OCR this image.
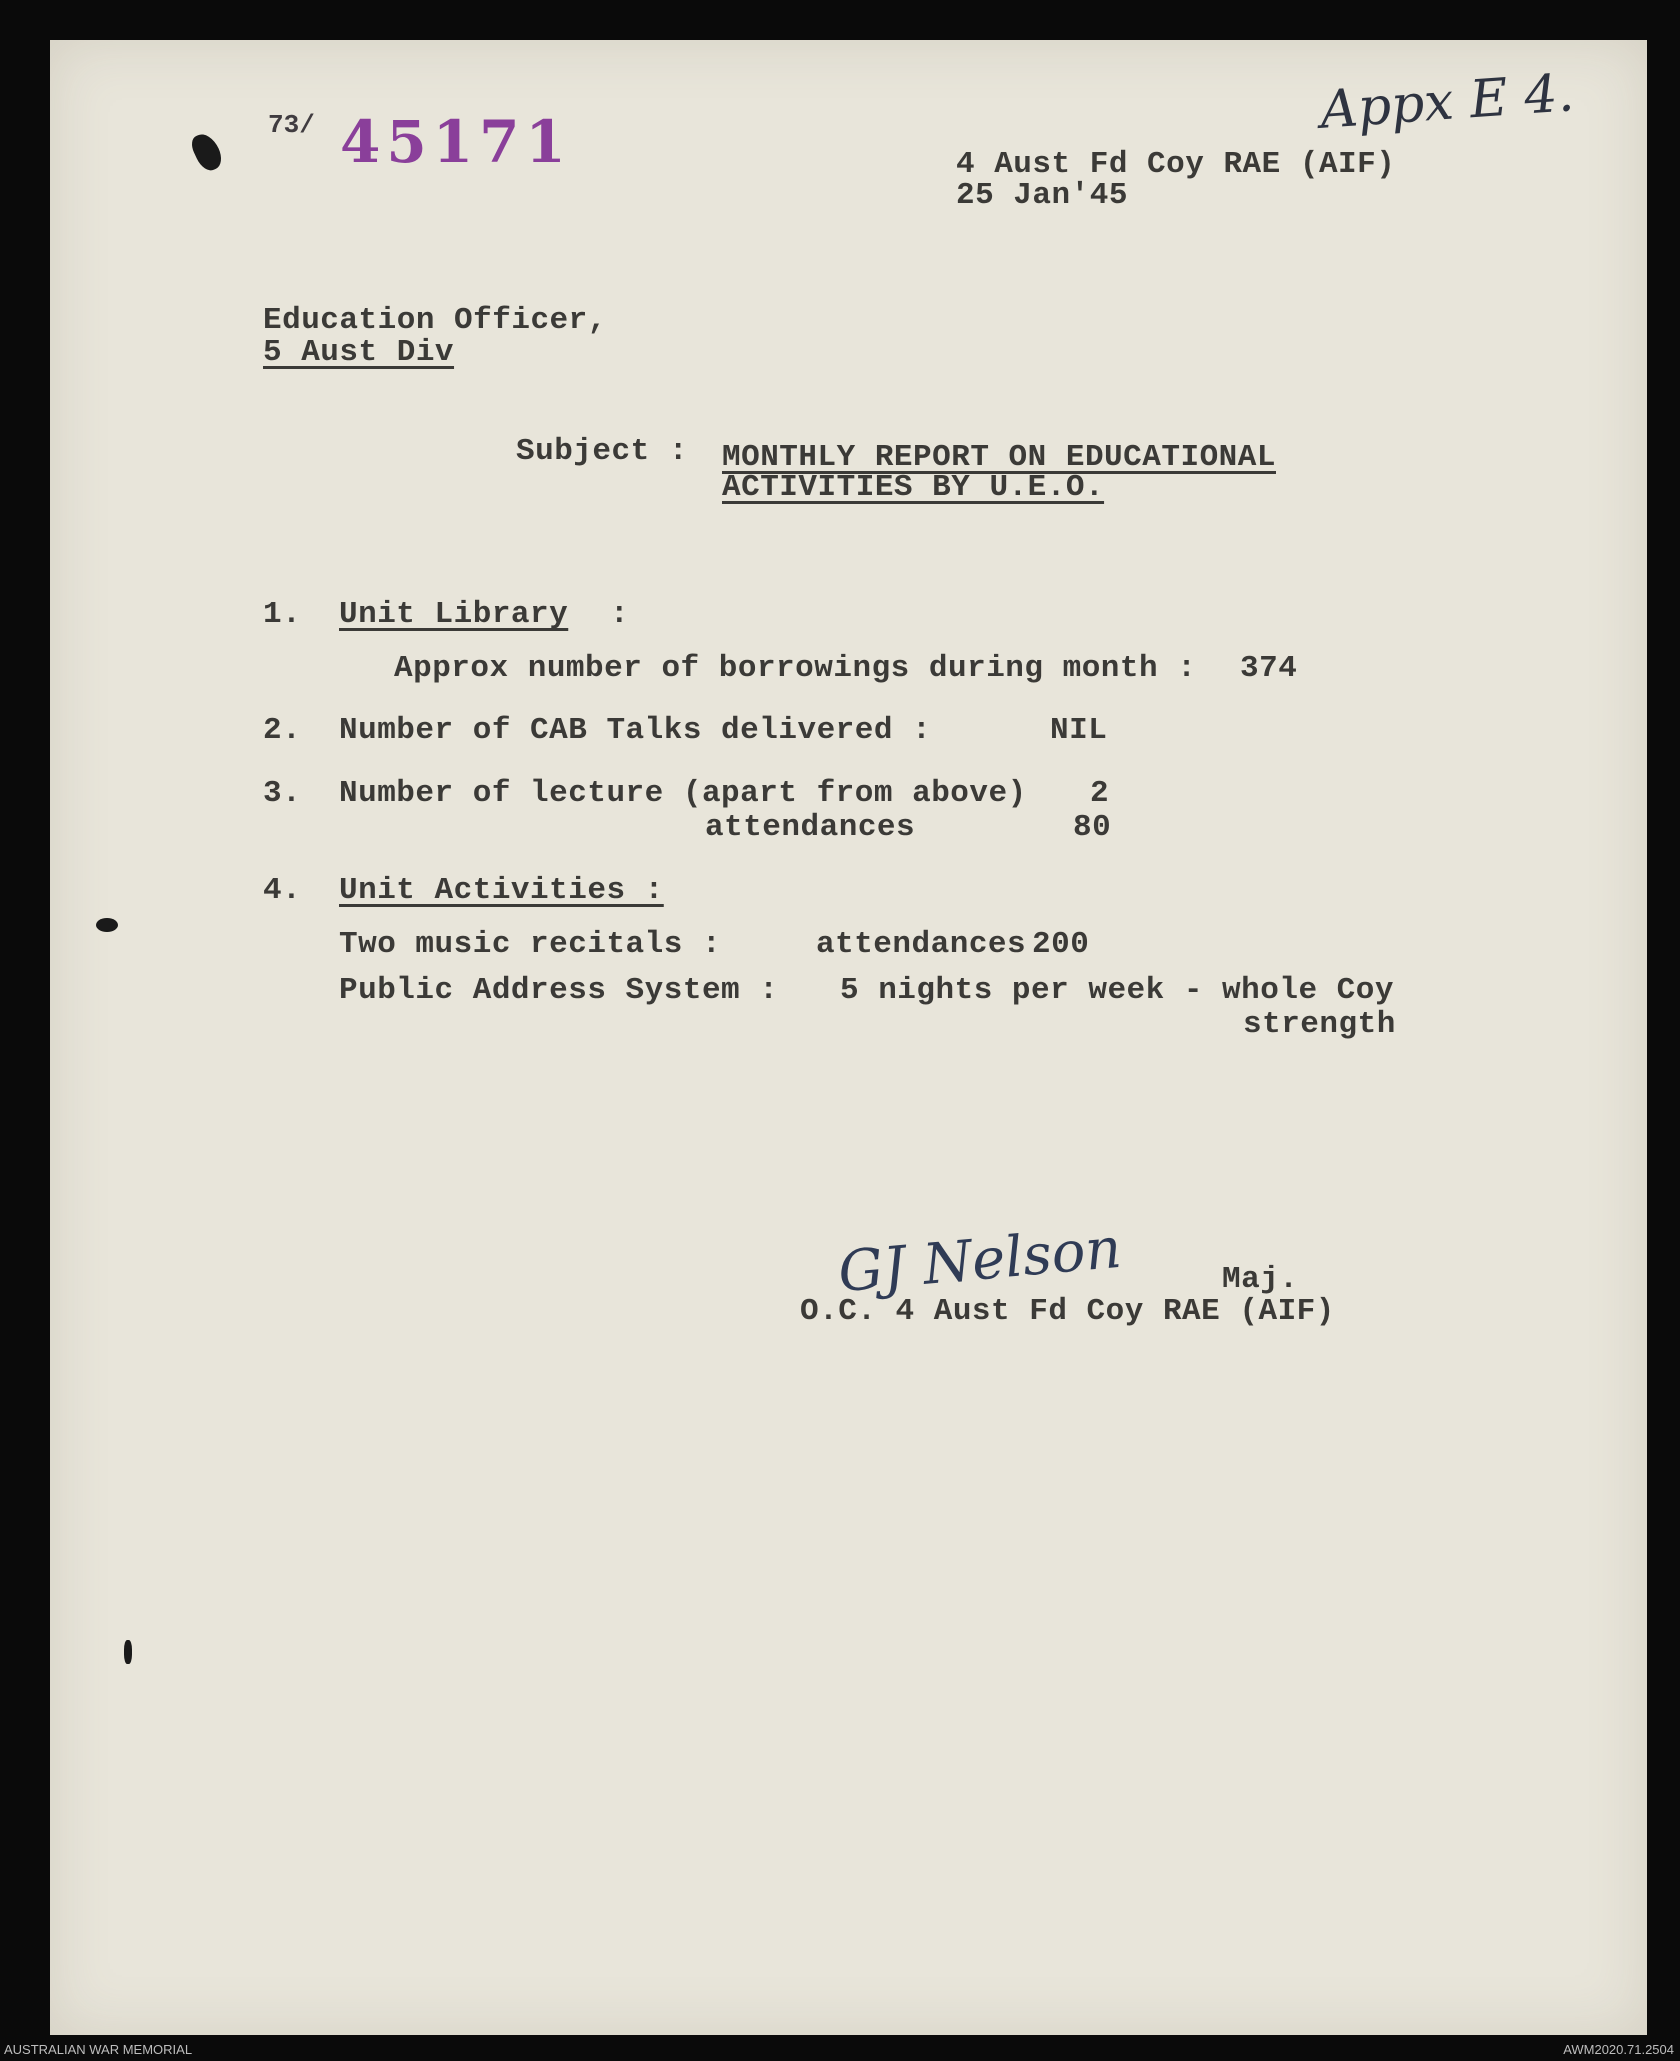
Appx E 4.
73/ 45171	4 Aust Fd Coy RAE (AIF)
25 Jan'45
Education Officer,
5 Aust Div
Subject : MONTHLY REPORT ON EDUCATIONAL
ACTIVITIES BY U.E.O.
1. Unit Library :
Approx number of borrowings during month : 374
2. Number of CAB Talks delivered :	NIL
3. Number of lecture (apart from above) 2
attendances	80
4. Unit Activities :
Two music recitals :	attendances 200
Public Address System : 5 nights per week - whole Coy
strength
GJ Nelson	Maj.
O.C. 4 Aust Fd Coy RAE (AIF)
AUSTRALIAN WAR MEMORIAL	AWM2020.71.2504
